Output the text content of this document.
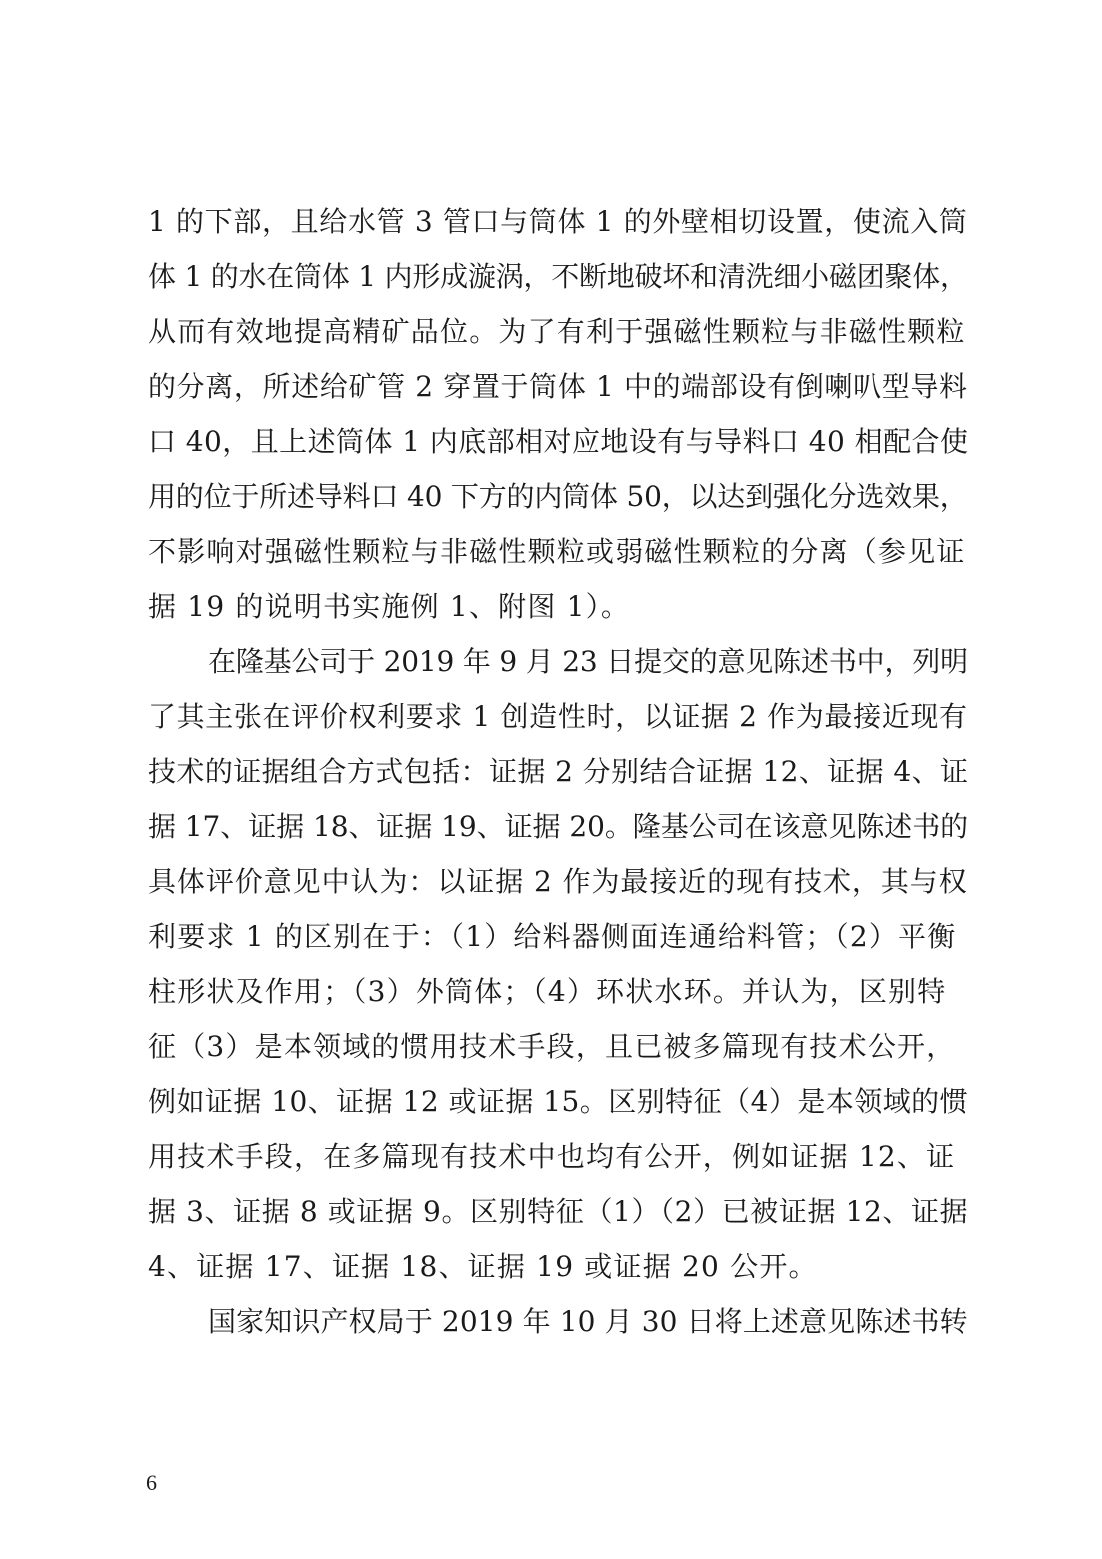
1 的下部，且给水管 3 管口与筒体 1 的外壁相切设置，使流入筒
体 1 的水在筒体 1 内形成漩涡，不断地破坏和清洗细小磁团聚体，
从而有效地提高精矿品位。为了有利于强磁性颗粒与非磁性颗粒
的分离，所述给矿管 2 穿置于筒体 1 中的端部设有倒喇叭型导料
口 40，且上述筒体 1 内底部相对应地设有与导料口 40 相配合使
用的位于所述导料口 40 下方的内筒体 50，以达到强化分选效果，
不影响对强磁性颗粒与非磁性颗粒或弱磁性颗粒的分离（参见证
据 19 的说明书实施例 1、附图 1）。
在隆基公司于 2019 年 9 月 23 日提交的意见陈述书中，列明
了其主张在评价权利要求 1 创造性时，以证据 2 作为最接近现有
技术的证据组合方式包括：证据 2 分别结合证据 12、证据 4、证
据 17、证据 18、证据 19、证据 20。隆基公司在该意见陈述书的
具体评价意见中认为：以证据 2 作为最接近的现有技术，其与权
利要求 1 的区别在于：（1）给料器侧面连通给料管；（2）平衡
柱形状及作用；（3）外筒体；（4）环状水环。并认为，区别特
征（3）是本领域的惯用技术手段，且已被多篇现有技术公开，
例如证据 10、证据 12 或证据 15。区别特征（4）是本领域的惯
用技术手段，在多篇现有技术中也均有公开，例如证据 12、证
据 3、证据 8 或证据 9。区别特征（1）（2）已被证据 12、证据
4、证据 17、证据 18、证据 19 或证据 20 公开。
国家知识产权局于 2019 年 10 月 30 日将上述意见陈述书转
6
